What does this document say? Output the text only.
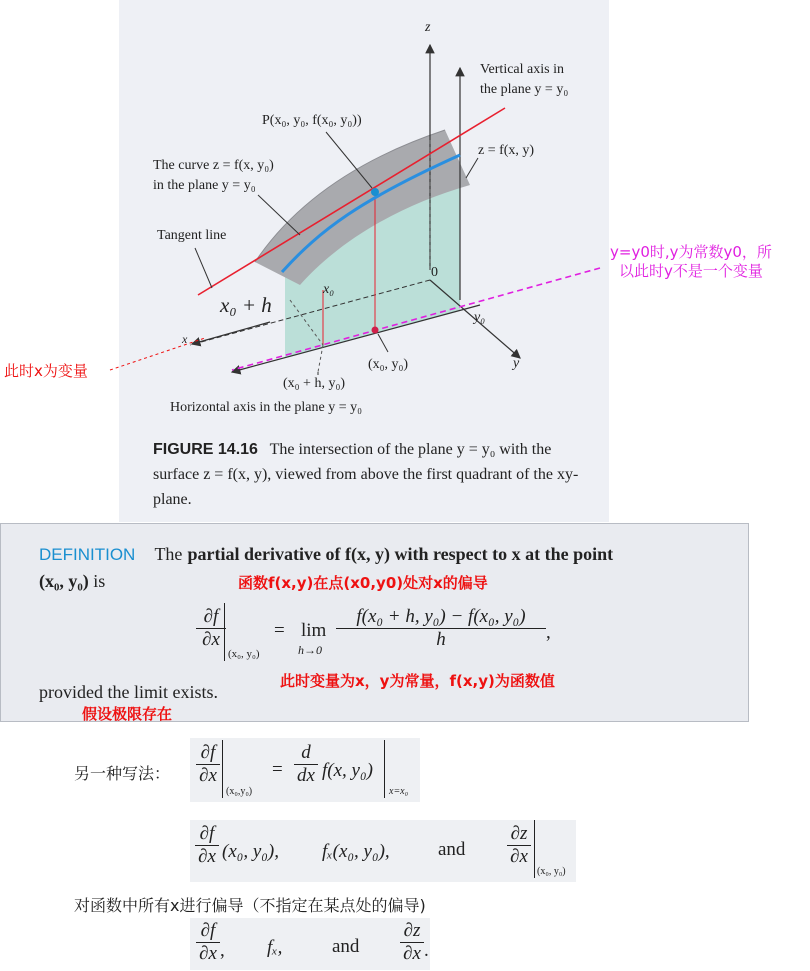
z
Vertical axis in
the plane y = y₀
P(x₀, y₀, f(x₀, y₀))
z = f(x, y)
The curve z = f(x, y₀)
in the plane y = y₀
Tangent line
0
x₀
x₀ + h
y₀
x
y
(x₀, y₀)
(x₀ + h, y₀)
Horizontal axis in the plane y = y₀
FIGURE 14.16 The intersection of the plane y = y₀ with the surface z = f(x, y), viewed from above the first quadrant of the xy-plane.
y=y0时,y为常数y0，所
以此时y不是一个变量
此时x为变量
DEFINITION The partial derivative of f(x, y) with respect to x at the point
(x₀, y₀) is	函数f(x,y)在点(x0,y0)处对x的偏导
$\frac{\partial f}{\partial x}$
(x₀, y₀)
= lim
$h\to 0 \frac{\text{f(x₀ + h, y₀) − f(x₀, y₀)}}{h}$ ,
此时变量为x，y为常量，f(x,y)为函数值
provided the limit exists.
假设极限存在
另一种写法： $\frac{\partial f}{\partial x}$
(x₀,y₀)
= $\frac{d}{dx} f(x$, y₀)
x=x₀
$\frac{\partial f}{\partial x} (x_0$, y₀), fₓ(x₀, y₀),	and $\frac{\partial z}{\partial x}$
(x₀, y₀)
对函数中所有x进行偏导（不指定在某点处的偏导)
$\frac{\partial f}{\partial x}$ , fₓ,	and $\frac{\partial z}{\partial x}$ .
